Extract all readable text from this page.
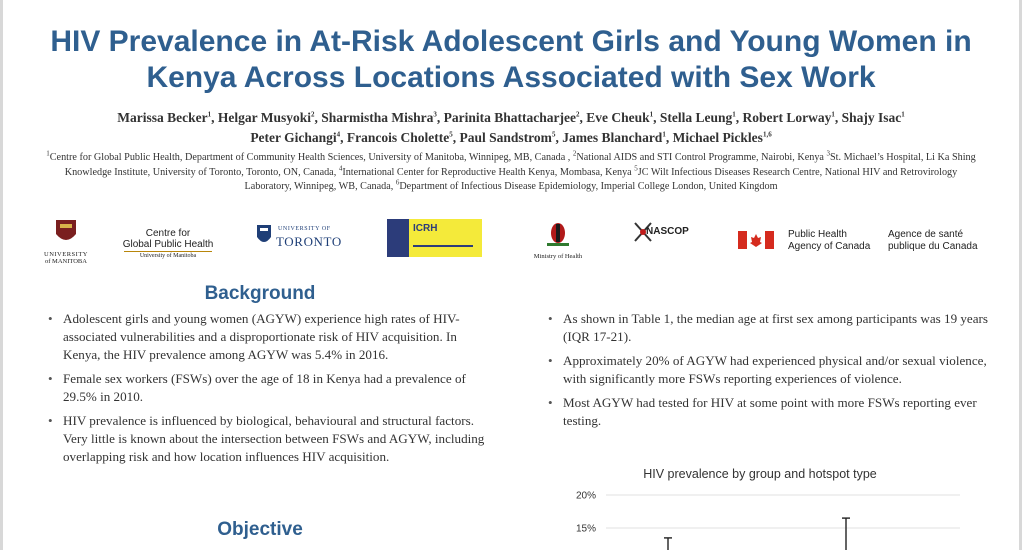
HIV Prevalence in At-Risk Adolescent Girls and Young Women in
Kenya Across Locations Associated with Sex Work
Marissa Becker$^1$, Helgar Musyoki$^2$, Sharmistha Mishra$^3$, Parinita Bhattacharjee$^2$, Eve Cheuk$^1$, Stella Leung$^1$, Robert Lorway$^1$, Shajy Isac$^1$
Peter Gichangi$^4$, Francois Cholette$^5$, Paul Sandstrom$^5$, James Blanchard$^1$, Michael Pickles$^{1,6}$
$^1$Centre for Global Public Health, Department of Community Health Sciences, University of Manitoba, Winnipeg, MB, Canada , $^2$National AIDS and STI Control Programme, Nairobi, Kenya $^3$St. Michael’s Hospital, Li Ka Shing Knowledge Institute, University of Toronto, Toronto, ON, Canada, $^4$International Center for Reproductive Health Kenya, Mombasa, Kenya $^5$JC Wilt Infectious Diseases Research Centre, National HIV and Retrovirology Laboratory, Winnipeg, WB, Canada, $^6$Department of Infectious Disease Epidemiology, Imperial College London, United Kingdom
UNIVERSITY
of MANITOBA
Centre for
Global Public Health
University of Manitoba
UNIVERSITY OF
TORONTO
ICRH
Ministry of Health
NASCOP	Public Health
Agency of Canada
Agence de santé
publique du Canada
Background
• Adolescent girls and young women (AGYW) experience high rates of HIV-associated vulnerabilities and a disproportionate risk of HIV acquisition. In Kenya, the HIV prevalence among AGYW was 5.4% in 2016.
• Female sex workers (FSWs) over the age of 18 in Kenya had a prevalence of 29.5% in 2010.
• HIV prevalence is influenced by biological, behavioural and structural factors. Very little is known about the intersection between FSWs and AGYW, including overlapping risk and how location influences HIV acquisition.
Objective
• As shown in Table 1, the median age at first sex among participants was 19 years (IQR 17-21).
• Approximately 20% of AGYW had experienced physical and/or sexual violence, with significantly more FSWs reporting experiences of violence.
• Most AGYW had tested for HIV at some point with more FSWs reporting ever testing.
HIV prevalence by group and hotspot type
20%
15%
